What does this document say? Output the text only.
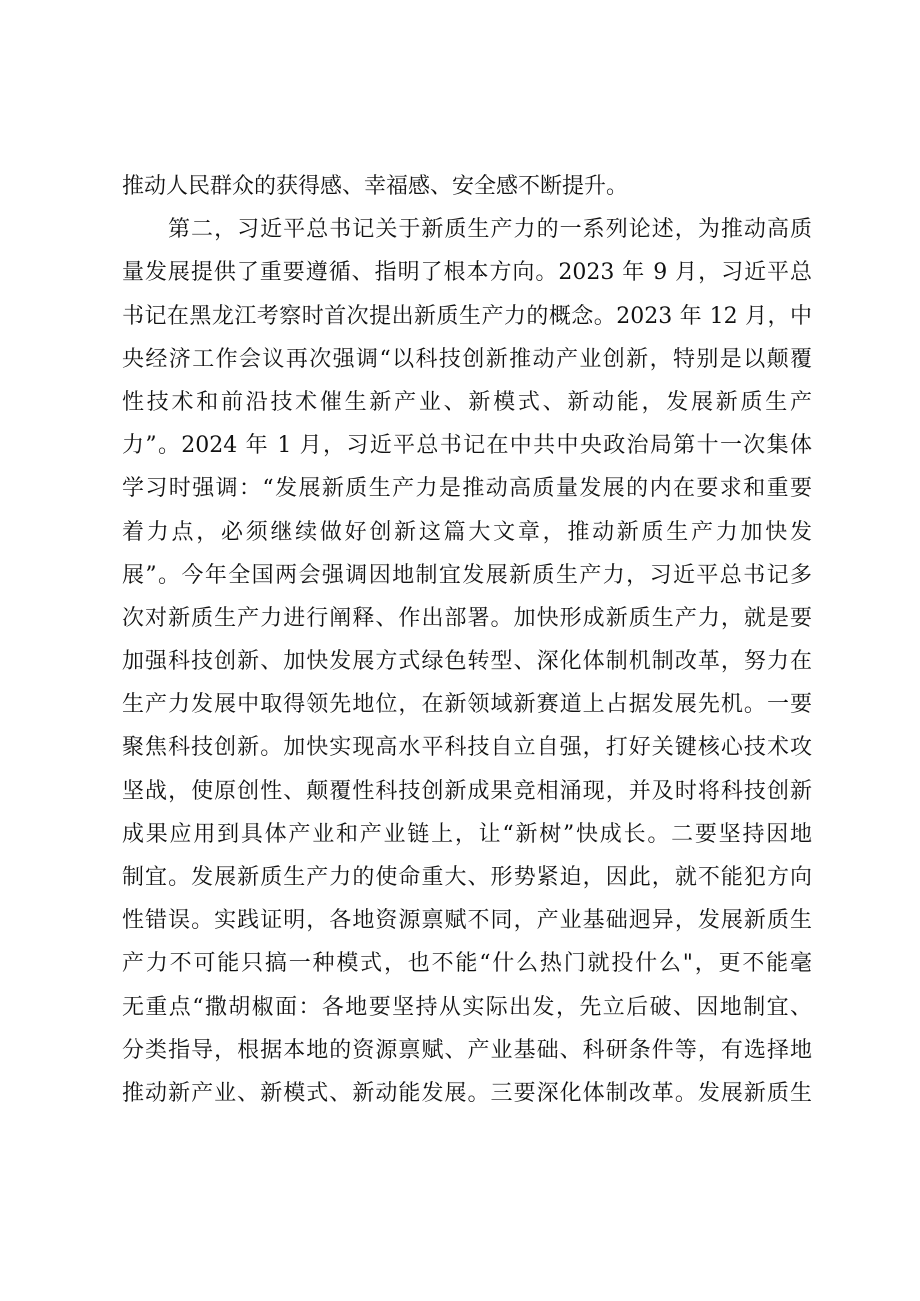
推动人民群众的获得感、幸福感、安全感不断提升。
第二，习近平总书记关于新质生产力的一系列论述，为推动高质
量发展提供了重要遵循、指明了根本方向。2023 年 9 月，习近平总
书记在黑龙江考察时首次提出新质生产力的概念。2023 年 12 月，中
央经济工作会议再次强调“以科技创新推动产业创新，特别是以颠覆
性技术和前沿技术催生新产业、新模式、新动能，发展新质生产
力”。2024 年 1 月，习近平总书记在中共中央政治局第十一次集体
学习时强调：“发展新质生产力是推动高质量发展的内在要求和重要
着力点，必须继续做好创新这篇大文章，推动新质生产力加快发
展”。今年全国两会强调因地制宜发展新质生产力，习近平总书记多
次对新质生产力进行阐释、作出部署。加快形成新质生产力，就是要
加强科技创新、加快发展方式绿色转型、深化体制机制改革，努力在
生产力发展中取得领先地位，在新领域新赛道上占据发展先机。一要
聚焦科技创新。加快实现高水平科技自立自强，打好关键核心技术攻
坚战，使原创性、颠覆性科技创新成果竞相涌现，并及时将科技创新
成果应用到具体产业和产业链上，让“新树”快成长。二要坚持因地
制宜。发展新质生产力的使命重大、形势紧迫，因此，就不能犯方向
性错误。实践证明，各地资源禀赋不同，产业基础迥异，发展新质生
产力不可能只搞一种模式，也不能“什么热门就投什么"，更不能毫
无重点“撒胡椒面：各地要坚持从实际出发，先立后破、因地制宜、
分类指导，根据本地的资源禀赋、产业基础、科研条件等，有选择地
推动新产业、新模式、新动能发展。三要深化体制改革。发展新质生
